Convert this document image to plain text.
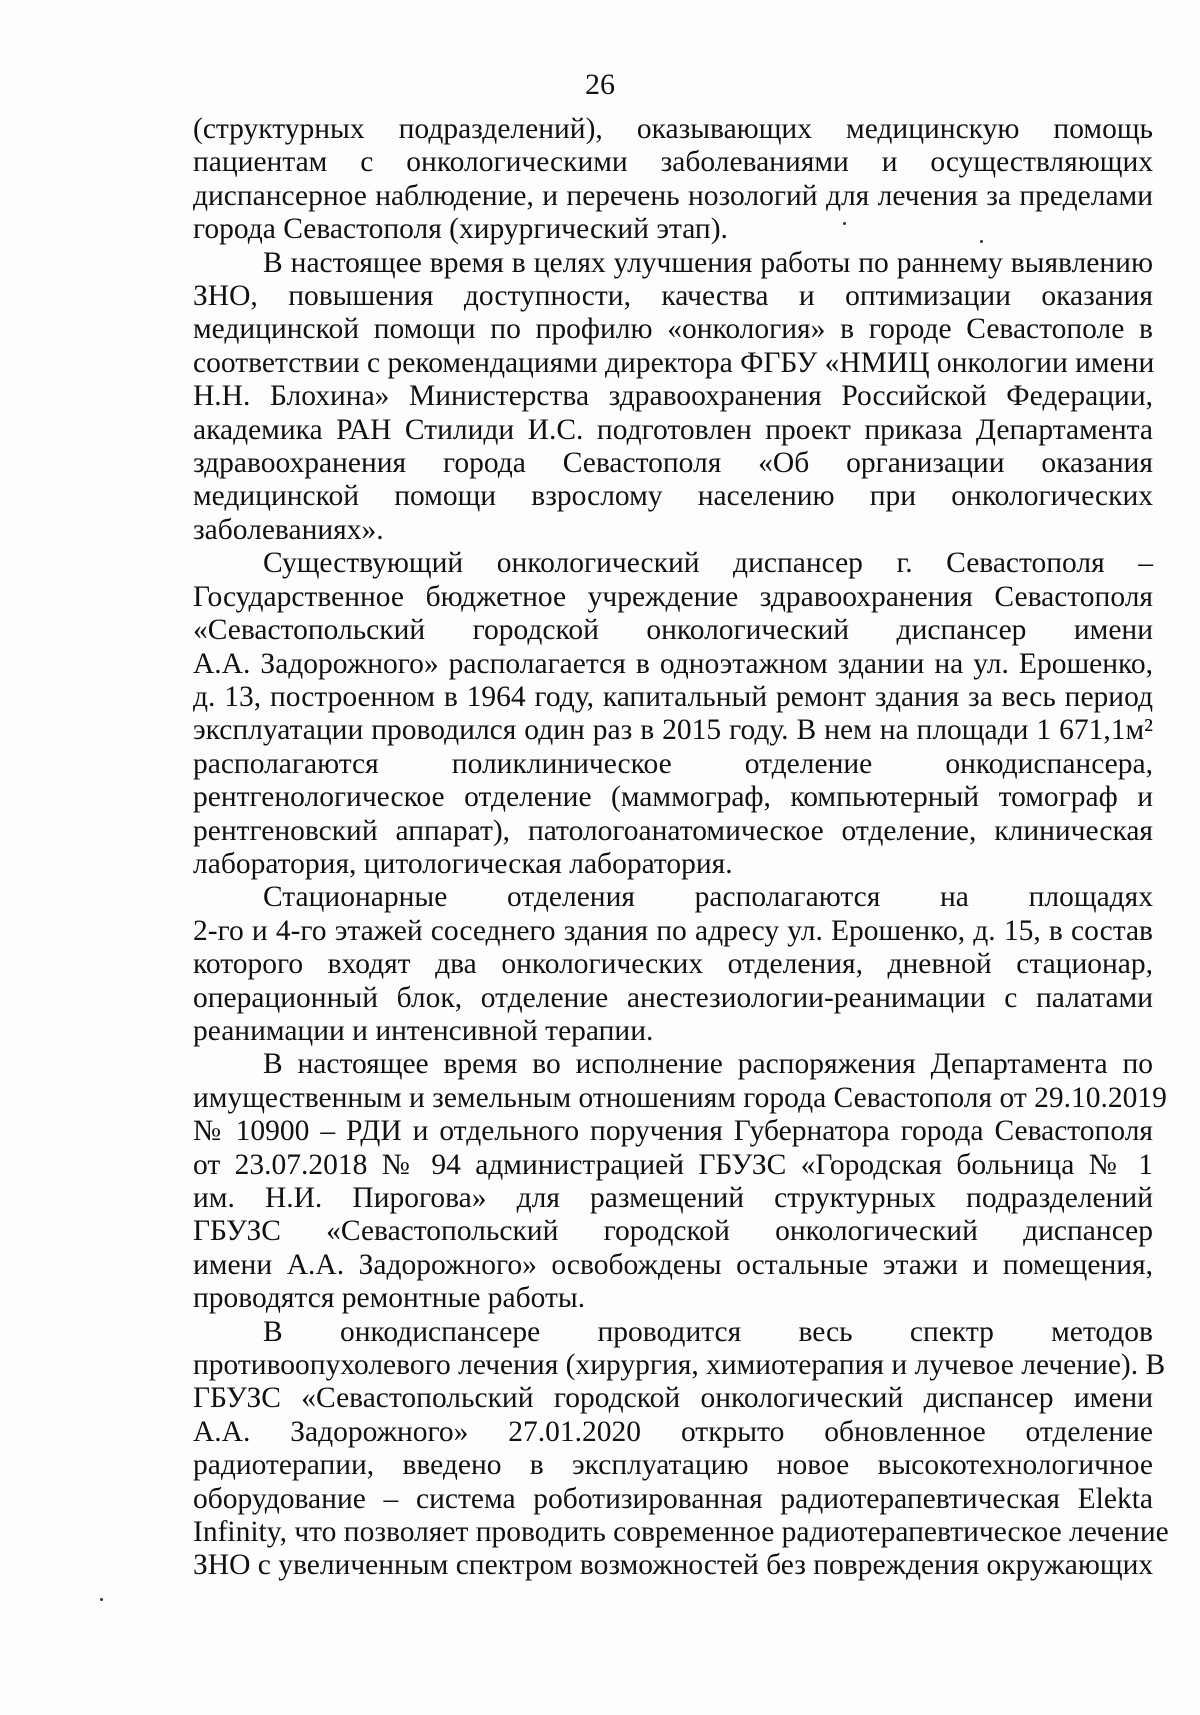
26
(структурных подразделений), оказывающих медицинскую помощь
пациентам с онкологическими заболеваниями и осуществляющих
диспансерное наблюдение, и перечень нозологий для лечения за пределами
города Севастополя (хирургический этап).
В настоящее время в целях улучшения работы по раннему выявлению
ЗНО, повышения доступности, качества и оптимизации оказания
медицинской помощи по профилю «онкология» в городе Севастополе в
соответствии с рекомендациями директора ФГБУ «НМИЦ онкологии имени
Н.Н. Блохина» Министерства здравоохранения Российской Федерации,
академика РАН Стилиди И.С. подготовлен проект приказа Департамента
здравоохранения города Севастополя «Об организации оказания
медицинской помощи взрослому населению при онкологических
заболеваниях».
Существующий онкологический диспансер г. Севастополя –
Государственное бюджетное учреждение здравоохранения Севастополя
«Севастопольский городской онкологический диспансер имени
А.А. Задорожного» располагается в одноэтажном здании на ул. Ерошенко,
д. 13, построенном в 1964 году, капитальный ремонт здания за весь период
эксплуатации проводился один раз в 2015 году. В нем на площади 1 671,1м²
располагаются поликлиническое отделение онкодиспансера,
рентгенологическое отделение (маммограф, компьютерный томограф и
рентгеновский аппарат), патологоанатомическое отделение, клиническая
лаборатория, цитологическая лаборатория.
Стационарные отделения располагаются на площадях
2-го и 4-го этажей соседнего здания по адресу ул. Ерошенко, д. 15, в состав
которого входят два онкологических отделения, дневной стационар,
операционный блок, отделение анестезиологии-реанимации с палатами
реанимации и интенсивной терапии.
В настоящее время во исполнение распоряжения Департамента по
имущественным и земельным отношениям города Севастополя от 29.10.2019
№ 10900 – РДИ и отдельного поручения Губернатора города Севастополя
от 23.07.2018 № 94 администрацией ГБУЗС «Городская больница № 1
им. Н.И. Пирогова» для размещений структурных подразделений
ГБУЗС «Севастопольский городской онкологический диспансер
имени А.А. Задорожного» освобождены остальные этажи и помещения,
проводятся ремонтные работы.
В онкодиспансере проводится весь спектр методов
противоопухолевого лечения (хирургия, химиотерапия и лучевое лечение). В
ГБУЗС «Севастопольский городской онкологический диспансер имени
А.А. Задорожного» 27.01.2020 открыто обновленное отделение
радиотерапии, введено в эксплуатацию новое высокотехнологичное
оборудование – система роботизированная радиотерапевтическая Elekta
Infinity, что позволяет проводить современное радиотерапевтическое лечение
ЗНО с увеличенным спектром возможностей без повреждения окружающих
